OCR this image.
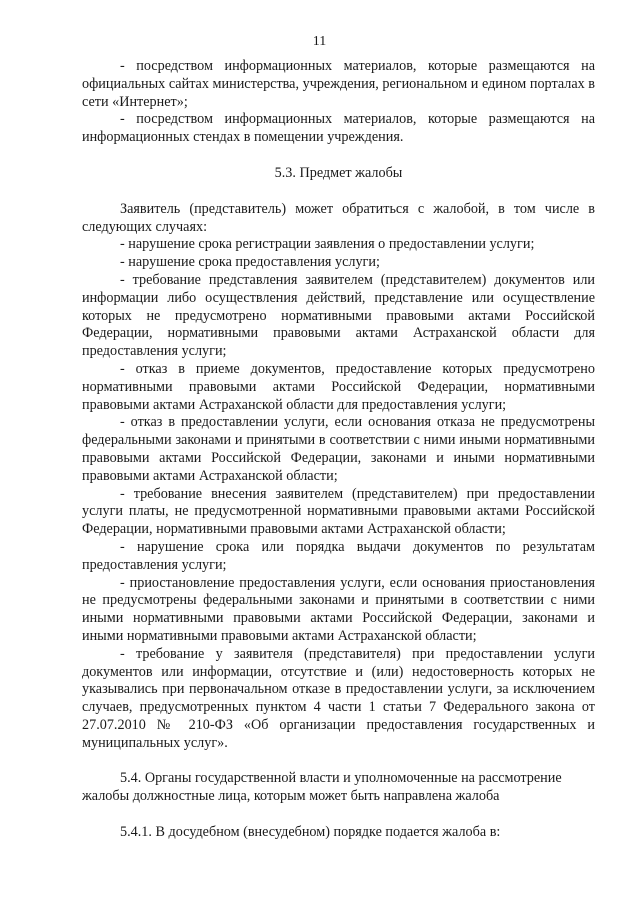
11

- посредством информационных материалов, которые размещаются на официальных сайтах министерства, учреждения, региональном и едином порталах в сети «Интернет»;

- посредством информационных материалов, которые размещаются на информационных стендах в помещении учреждения.

5.3. Предмет жалобы

Заявитель (представитель) может обратиться с жалобой, в том числе в следующих случаях:

- нарушение срока регистрации заявления о предоставлении услуги;

- нарушение срока предоставления услуги;

- требование представления заявителем (представителем) документов или информации либо осуществления действий, представление или осуществление которых не предусмотрено нормативными правовыми актами Российской Федерации, нормативными правовыми актами Астраханской области для предоставления услуги;

- отказ в приеме документов, предоставление которых предусмотрено нормативными правовыми актами Российской Федерации, нормативными правовыми актами Астраханской области для предоставления услуги;

- отказ в предоставлении услуги, если основания отказа не предусмотрены федеральными законами и принятыми в соответствии с ними иными нормативными правовыми актами Российской Федерации, законами и иными нормативными правовыми актами Астраханской области;

- требование внесения заявителем (представителем) при предоставлении услуги платы, не предусмотренной нормативными правовыми актами Российской Федерации, нормативными правовыми актами Астраханской области;

- нарушение срока или порядка выдачи документов по результатам предоставления услуги;

- приостановление предоставления услуги, если основания приостановления не предусмотрены федеральными законами и принятыми в соответствии с ними иными нормативными правовыми актами Российской Федерации, законами и иными нормативными правовыми актами Астраханской области;

- требование у заявителя (представителя) при предоставлении услуги документов или информации, отсутствие и (или) недостоверность которых не указывались при первоначальном отказе в предоставлении услуги, за исключением случаев, предусмотренных пунктом 4 части 1 статьи 7 Федерального закона от 27.07.2010 № 210-ФЗ «Об организации предоставления государственных и муниципальных услуг».

5.4. Органы государственной власти и уполномоченные на рассмотрение жалобы должностные лица, которым может быть направлена жалоба

5.4.1. В досудебном (внесудебном) порядке подается жалоба в:
